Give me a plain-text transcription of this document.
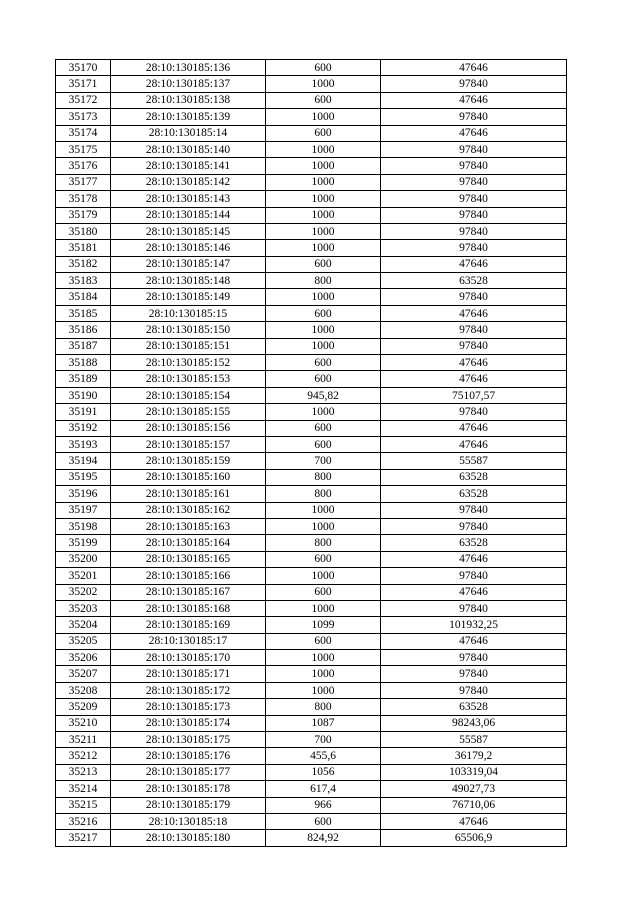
35170	28:10:130185:136	600	47646
35171	28:10:130185:137	1000	97840
35172	28:10:130185:138	600	47646
35173	28:10:130185:139	1000	97840
35174	28:10:130185:14	600	47646
35175	28:10:130185:140	1000	97840
35176	28:10:130185:141	1000	97840
35177	28:10:130185:142	1000	97840
35178	28:10:130185:143	1000	97840
35179	28:10:130185:144	1000	97840
35180	28:10:130185:145	1000	97840
35181	28:10:130185:146	1000	97840
35182	28:10:130185:147	600	47646
35183	28:10:130185:148	800	63528
35184	28:10:130185:149	1000	97840
35185	28:10:130185:15	600	47646
35186	28:10:130185:150	1000	97840
35187	28:10:130185:151	1000	97840
35188	28:10:130185:152	600	47646
35189	28:10:130185:153	600	47646
35190	28:10:130185:154	945,82	75107,57
35191	28:10:130185:155	1000	97840
35192	28:10:130185:156	600	47646
35193	28:10:130185:157	600	47646
35194	28:10:130185:159	700	55587
35195	28:10:130185:160	800	63528
35196	28:10:130185:161	800	63528
35197	28:10:130185:162	1000	97840
35198	28:10:130185:163	1000	97840
35199	28:10:130185:164	800	63528
35200	28:10:130185:165	600	47646
35201	28:10:130185:166	1000	97840
35202	28:10:130185:167	600	47646
35203	28:10:130185:168	1000	97840
35204	28:10:130185:169	1099	101932,25
35205	28:10:130185:17	600	47646
35206	28:10:130185:170	1000	97840
35207	28:10:130185:171	1000	97840
35208	28:10:130185:172	1000	97840
35209	28:10:130185:173	800	63528
35210	28:10:130185:174	1087	98243,06
35211	28:10:130185:175	700	55587
35212	28:10:130185:176	455,6	36179,2
35213	28:10:130185:177	1056	103319,04
35214	28:10:130185:178	617,4	49027,73
35215	28:10:130185:179	966	76710,06
35216	28:10:130185:18	600	47646
35217	28:10:130185:180	824,92	65506,9
